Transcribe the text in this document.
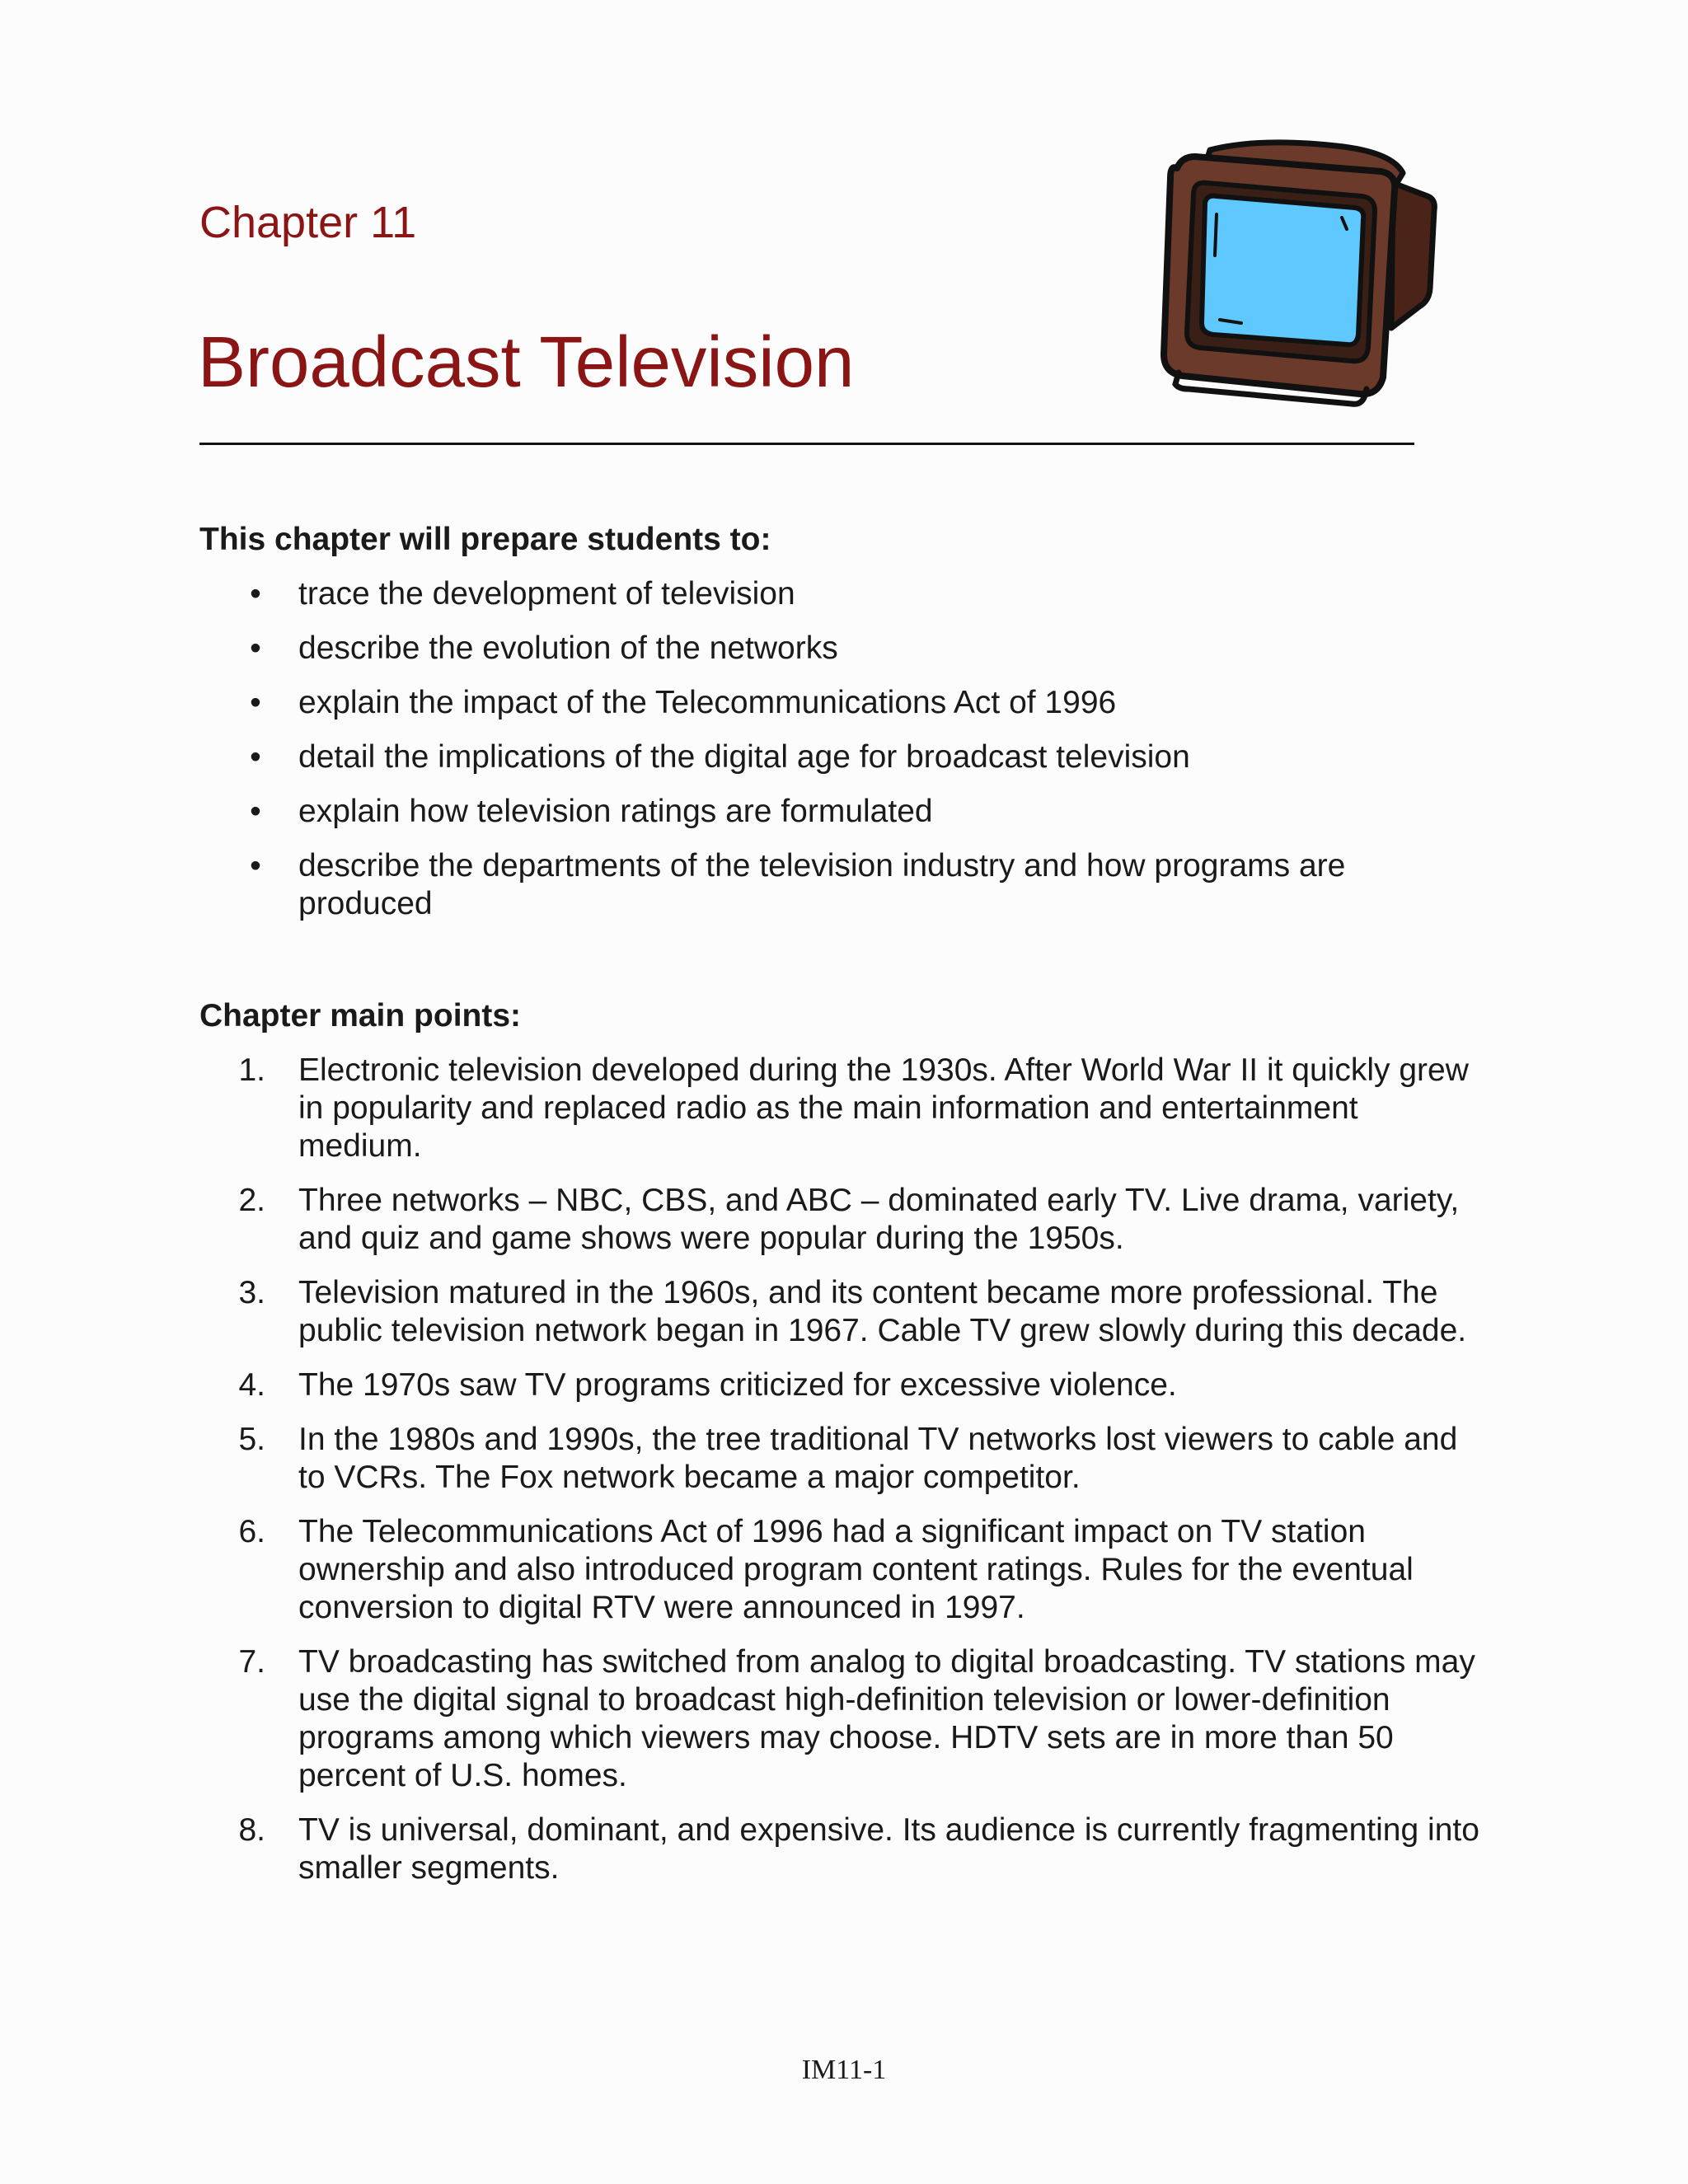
Chapter 11
Broadcast Television
This chapter will prepare students to:
• trace the development of television
• describe the evolution of the networks
• explain the impact of the Telecommunications Act of 1996
• detail the implications of the digital age for broadcast television
• explain how television ratings are formulated
• describe the departments of the television industry and how programs are produced
Chapter main points:
1. Electronic television developed during the 1930s. After World War II it quickly grew in popularity and replaced radio as the main information and entertainment medium.
2. Three networks – NBC, CBS, and ABC – dominated early TV. Live drama, variety, and quiz and game shows were popular during the 1950s.
3. Television matured in the 1960s, and its content became more professional. The public television network began in 1967. Cable TV grew slowly during this decade.
4. The 1970s saw TV programs criticized for excessive violence.
5. In the 1980s and 1990s, the tree traditional TV networks lost viewers to cable and to VCRs. The Fox network became a major competitor.
6. The Telecommunications Act of 1996 had a significant impact on TV station ownership and also introduced program content ratings. Rules for the eventual conversion to digital RTV were announced in 1997.
7. TV broadcasting has switched from analog to digital broadcasting. TV stations may use the digital signal to broadcast high-definition television or lower-definition programs among which viewers may choose. HDTV sets are in more than 50 percent of U.S. homes.
8. TV is universal, dominant, and expensive. Its audience is currently fragmenting into smaller segments.

IM11-1
